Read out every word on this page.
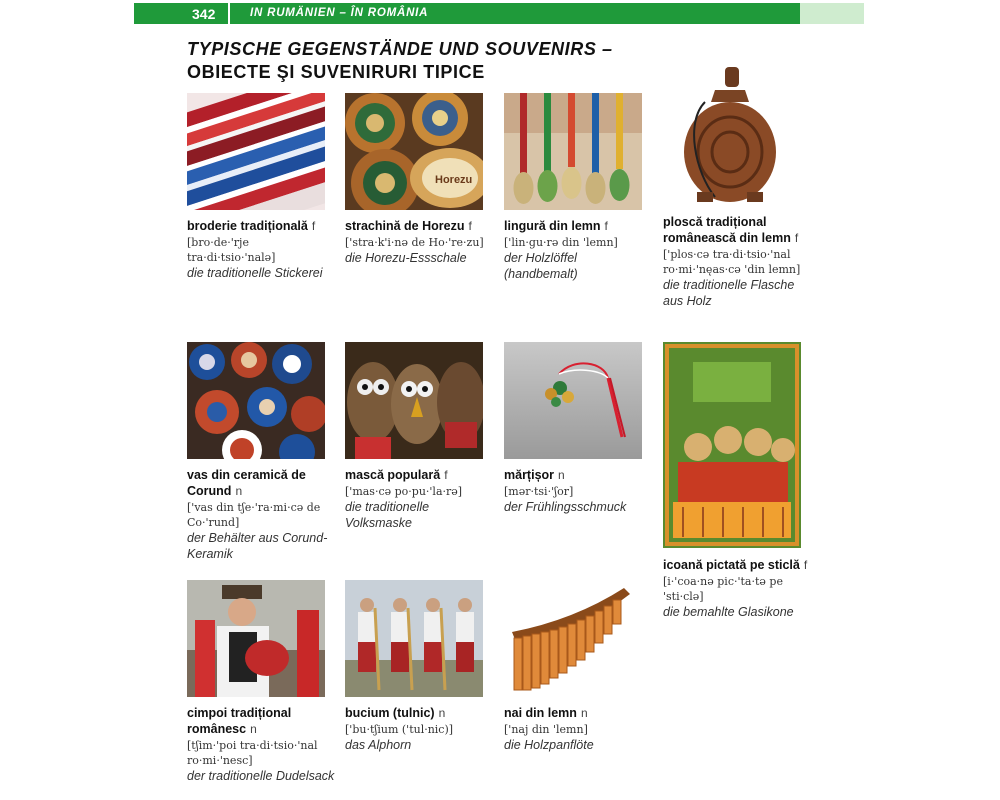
342	IN RUMÄNIEN – ÎN ROMÂNIA
TYPISCHE GEGENSTÄNDE UND SOUVENIRS –
OBIECTE ŞI SUVENIRURI TIPICE
broderie tradițională f
[bro·de·'rje tra·di·tsio·'nalə]
die traditionelle Stickerei
Horezu
strachină de Horezu f
['stra·k'i·nə de Ho·'re·zu]
die Horezu-Essschale
lingură din lemn f
['lin·gu·rə din 'lemn]
der Holzlöffel (handbemalt)
ploscă tradițional românească din lemn f
['plos·cə tra·di·tsio·'nal ro·mi·'nęas·cə 'din lemn]
die traditionelle Flasche aus Holz
vas din ceramică de Corund n
['vas din tʃe·'ra·mi·cə de Co·'rund]
der Behälter aus Corund-Keramik
mască populară f
['mas·cə po·pu·'la·rə]
die traditionelle Volksmaske
mărțișor n
[mər·tsi·'ʃor]
der Frühlingsschmuck
icoană pictată pe sticlă f
[i·'coa·nə pic·'ta·tə pe 'sti·clə]
die bemahlte Glasikone
cimpoi tradițional românesc n
[tʃim·'poi tra·di·tsio·'nal ro·mi·'nesc]
der traditionelle Dudelsack
bucium (tulnic) n
['bu·tʃium ('tul·nic)]
das Alphorn
nai din lemn n
['naj din 'lemn]
die Holzpanflöte
